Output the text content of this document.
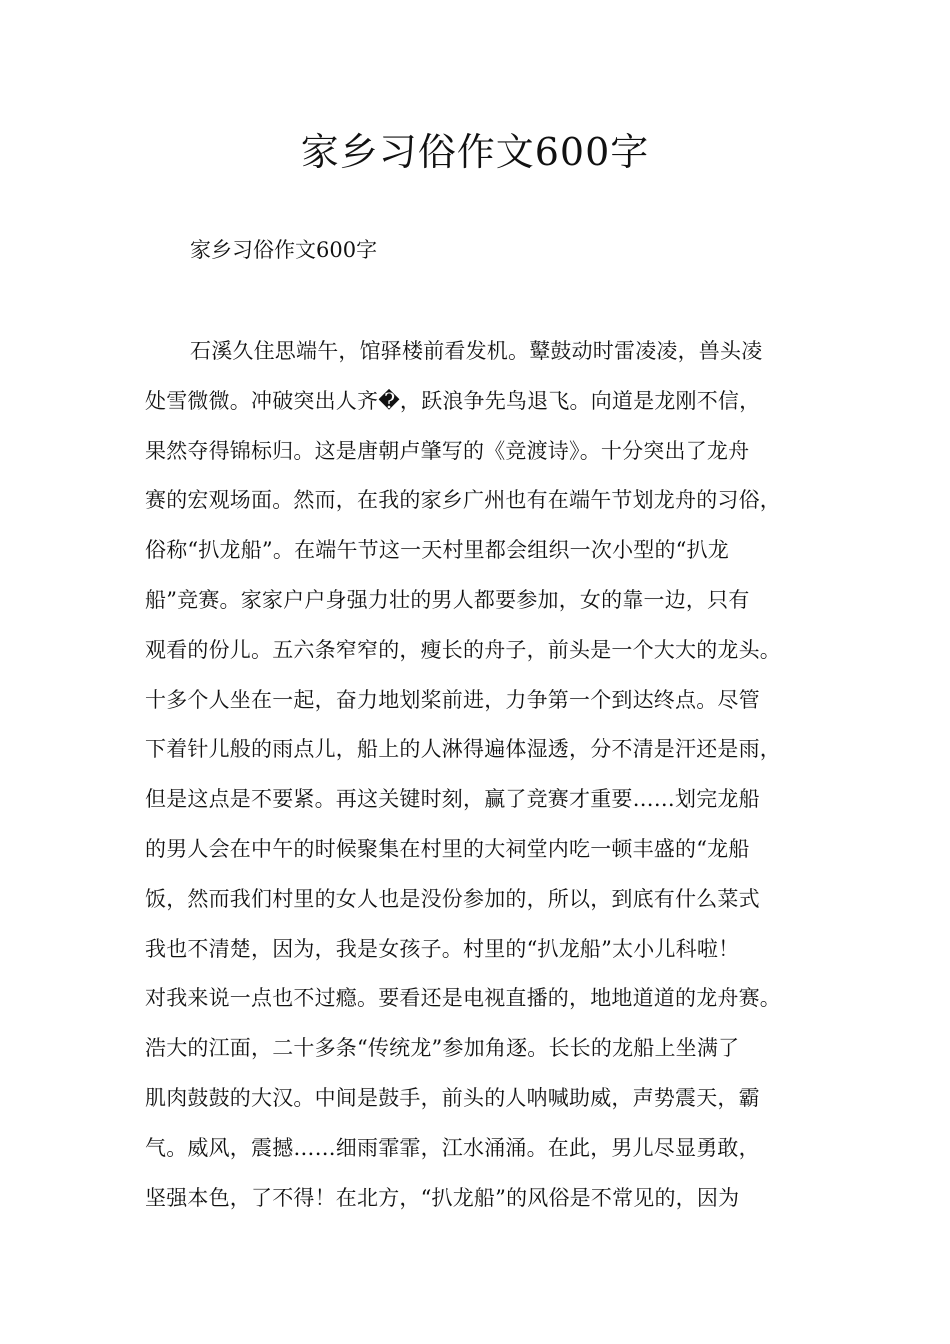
家乡习俗作文600字

家乡习俗作文600字

石溪久住思端午，馆驿楼前看发机。鼙鼓动时雷凌凌，兽头凌
处雪微微。冲破突出人齐�，跃浪争先鸟退飞。向道是龙刚不信，
果然夺得锦标归。这是唐朝卢肇写的《竞渡诗》。十分突出了龙舟
赛的宏观场面。然而，在我的家乡广州也有在端午节划龙舟的习俗，
俗称“扒龙船”。在端午节这一天村里都会组织一次小型的“扒龙
船”竞赛。家家户户身强力壮的男人都要参加，女的靠一边，只有
观看的份儿。五六条窄窄的，瘦长的舟子，前头是一个大大的龙头。
十多个人坐在一起，奋力地划桨前进，力争第一个到达终点。尽管
下着针儿般的雨点儿，船上的人淋得遍体湿透，分不清是汗还是雨，
但是这点是不要紧。再这关键时刻，赢了竞赛才重要……划完龙船
的男人会在中午的时候聚集在村里的大祠堂内吃一顿丰盛的“龙船
饭，然而我们村里的女人也是没份参加的，所以，到底有什么菜式
我也不清楚，因为，我是女孩子。村里的“扒龙船”太小儿科啦！
对我来说一点也不过瘾。要看还是电视直播的，地地道道的龙舟赛。
浩大的江面，二十多条“传统龙”参加角逐。长长的龙船上坐满了
肌肉鼓鼓的大汉。中间是鼓手，前头的人呐喊助威，声势震天，霸
气。威风，震撼……细雨霏霏，江水涌涌。在此，男儿尽显勇敢，
坚强本色，了不得！在北方，“扒龙船”的风俗是不常见的，因为
